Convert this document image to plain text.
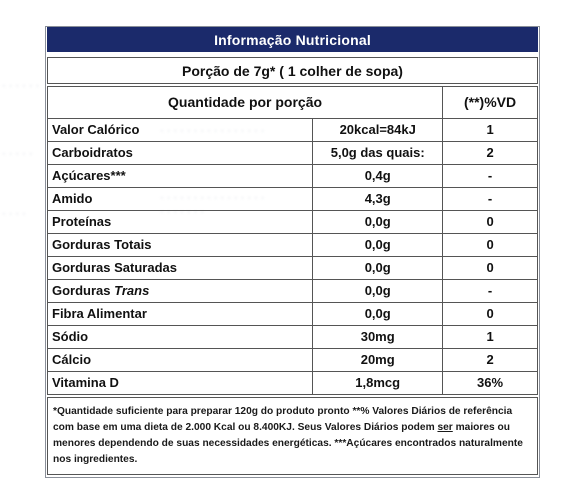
· · · · · ·
· · · · ·
· · · ·
· · · · · · · · · · · · · · · ·
· · · · · · · · · · · · · · · ·
· · · · · · ·
Informação Nutricional
Porção de 7g* ( 1 colher de sopa)
Quantidade por porção		(**)%VD
Valor Calórico	20kcal=84kJ	1
Carboidratos	5,0g das quais:	2
Açúcares***	0,4g	-
Amido	4,3g	-
Proteínas	0,0g	0
Gorduras Totais	0,0g	0
Gorduras Saturadas	0,0g	0
Gorduras Trans	0,0g	-
Fibra Alimentar	0,0g	0
Sódio	30mg	1
Cálcio	20mg	2
Vitamina D	1,8mcg	36%
*Quantidade suficiente para preparar 120g do produto pronto **% Valores Diários de referência com base em uma dieta de 2.000 Kcal ou 8.400KJ. Seus Valores Diários podem ser maiores ou menores dependendo de suas necessidades energéticas. ***Açúcares encontrados naturalmente nos ingredientes.
